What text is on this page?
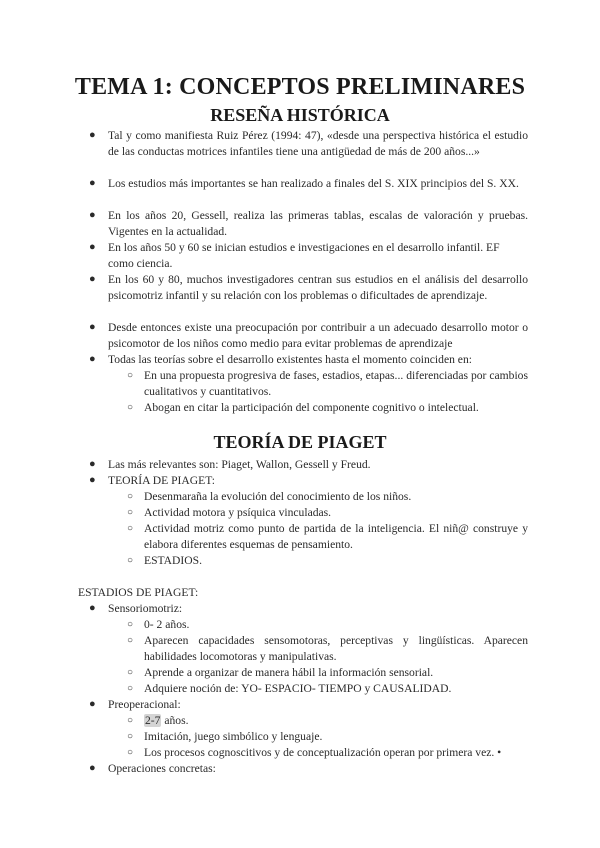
TEMA 1: CONCEPTOS PRELIMINARES
RESEÑA HISTÓRICA
● Tal y como manifiesta Ruiz Pérez (1994: 47), «desde una perspectiva histórica el estudio de las conductas motrices infantiles tiene una antigüedad de más de 200 años...»
● Los estudios más importantes se han realizado a finales del S. XIX principios del S. XX.
● En los años 20, Gessell, realiza las primeras tablas, escalas de valoración y pruebas. Vigentes en la actualidad.
● En los años 50 y 60 se inician estudios e investigaciones en el desarrollo infantil. EF como ciencia.
● En los 60 y 80, muchos investigadores centran sus estudios en el análisis del desarrollo psicomotriz infantil y su relación con los problemas o dificultades de aprendizaje.
● Desde entonces existe una preocupación por contribuir a un adecuado desarrollo motor o psicomotor de los niños como medio para evitar problemas de aprendizaje
● Todas las teorías sobre el desarrollo existentes hasta el momento coinciden en:
○ En una propuesta progresiva de fases, estadios, etapas... diferenciadas por cambios cualitativos y cuantitativos.
○ Abogan en citar la participación del componente cognitivo o intelectual.
TEORÍA DE PIAGET
● Las más relevantes son: Piaget, Wallon, Gessell y Freud.
● TEORÍA DE PIAGET:
○ Desenmaraña la evolución del conocimiento de los niños.
○ Actividad motora y psíquica vinculadas.
○ Actividad motriz como punto de partida de la inteligencia. El niñ@ construye y elabora diferentes esquemas de pensamiento.
○ ESTADIOS.
ESTADIOS DE PIAGET:
● Sensoriomotriz:
○ 0- 2 años.
○ Aparecen capacidades sensomotoras, perceptivas y lingüísticas. Aparecen habilidades locomotoras y manipulativas.
○ Aprende a organizar de manera hábil la información sensorial.
○ Adquiere noción de: YO- ESPACIO- TIEMPO y CAUSALIDAD.
● Preoperacional:
○ 2-7 años.
○ Imitación, juego simbólico y lenguaje.
○ Los procesos cognoscitivos y de conceptualización operan por primera vez. •
● Operaciones concretas:
